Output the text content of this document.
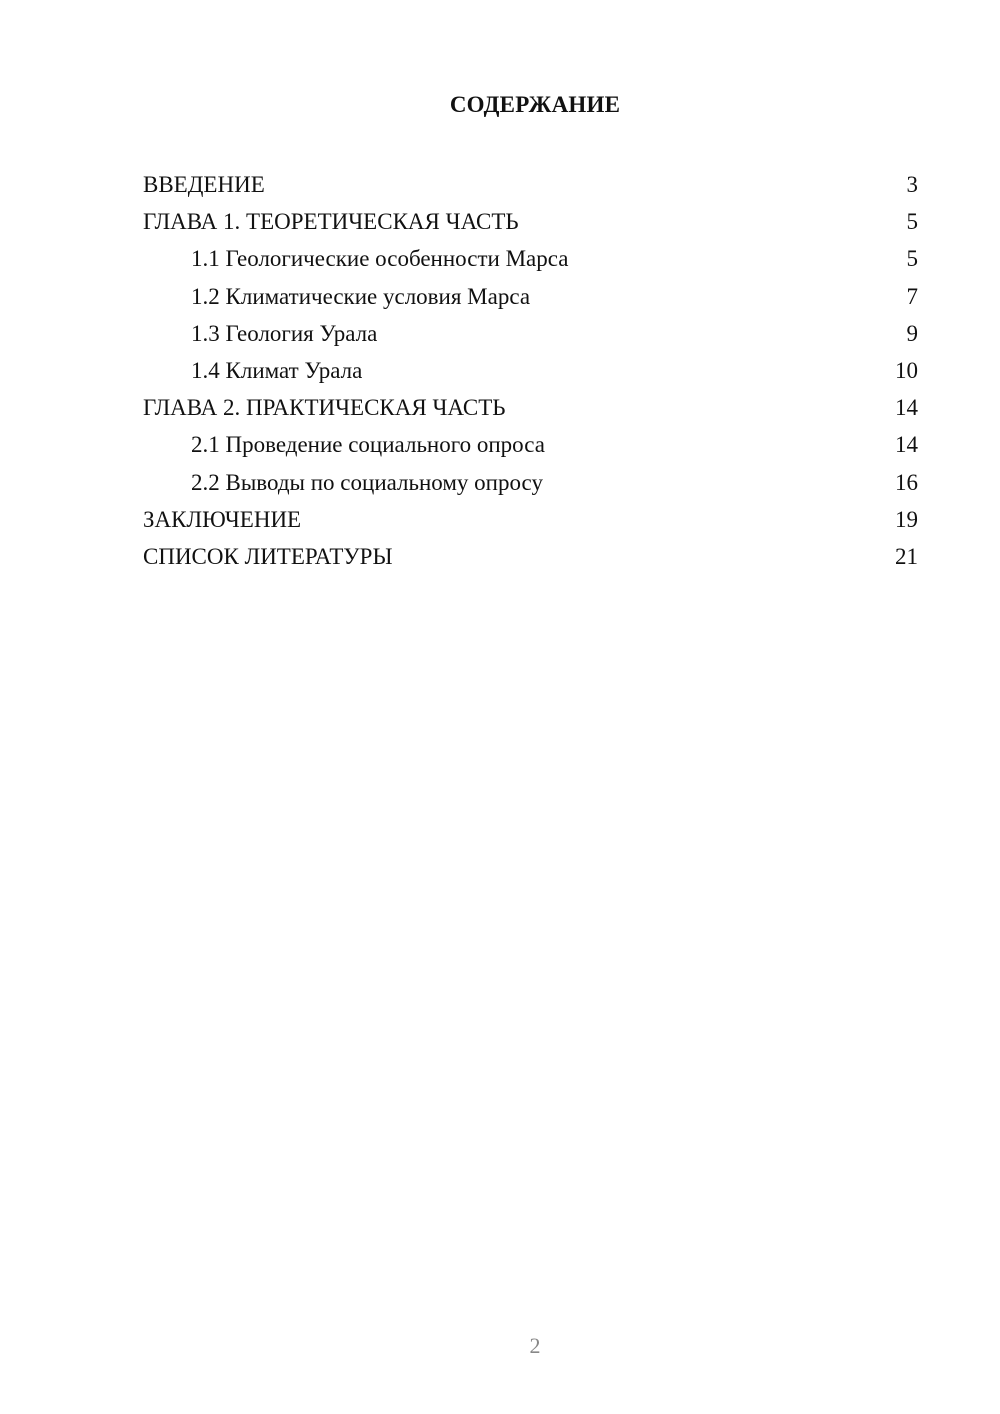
СОДЕРЖАНИЕ
ВВЕДЕНИЕ	3
ГЛАВА 1. ТЕОРЕТИЧЕСКАЯ ЧАСТЬ	5
1.1 Геологические особенности Марса	5
1.2 Климатические условия Марса	7
1.3 Геология Урала	9
1.4 Климат Урала	10
ГЛАВА 2. ПРАКТИЧЕСКАЯ ЧАСТЬ	14
2.1 Проведение социального опроса	14
2.2 Выводы по социальному опросу	16
ЗАКЛЮЧЕНИЕ	19
СПИСОК ЛИТЕРАТУРЫ	21
2
